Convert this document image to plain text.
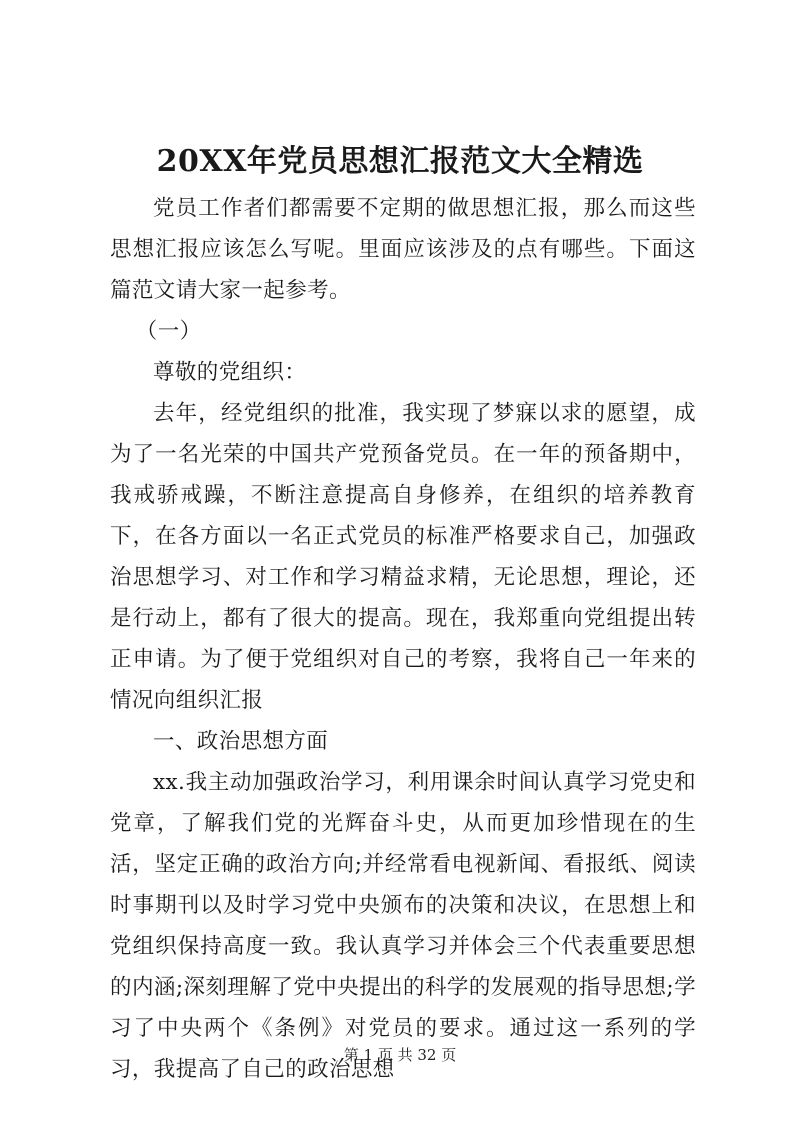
20XX年党员思想汇报范文大全精选

党员工作者们都需要不定期的做思想汇报，那么而这些思想汇报应该怎么写呢。里面应该涉及的点有哪些。下面这篇范文请大家一起参考。

（一）

尊敬的党组织：

去年，经党组织的批准，我实现了梦寐以求的愿望，成为了一名光荣的中国共产党预备党员。在一年的预备期中，我戒骄戒躁，不断注意提高自身修养，在组织的培养教育下，在各方面以一名正式党员的标准严格要求自己，加强政治思想学习、对工作和学习精益求精，无论思想，理论，还是行动上，都有了很大的提高。现在，我郑重向党组提出转正申请。为了便于党组织对自己的考察，我将自己一年来的情况向组织汇报

一、政治思想方面

xx.我主动加强政治学习，利用课余时间认真学习党史和党章，了解我们党的光辉奋斗史，从而更加珍惜现在的生活，坚定正确的政治方向;并经常看电视新闻、看报纸、阅读时事期刊以及时学习党中央颁布的决策和决议，在思想上和党组织保持高度一致。我认真学习并体会三个代表重要思想的内涵;深刻理解了党中央提出的科学的发展观的指导思想;学习了中央两个《条例》对党员的要求。通过这一系列的学习，我提高了自己的政治思想

第 1 页 共 32 页
